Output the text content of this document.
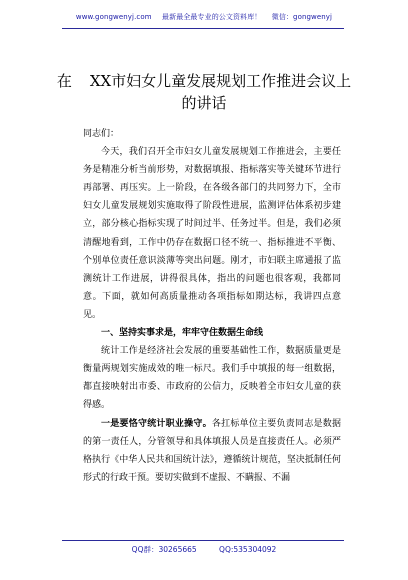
www.gongwenyj.com 最新最全最专业的公文资料库！ 微信：gongwenyj
在 XX市妇女儿童发展规划工作推进会议上
的讲话

同志们：

今天，我们召开全市妇女儿童发展规划工作推进会，主要任务是精准分析当前形势，对数据填报、指标落实等关键环节进行再部署、再压实。上一阶段，在各级各部门的共同努力下，全市妇女儿童发展规划实施取得了阶段性进展，监测评估体系初步建立，部分核心指标实现了时间过半、任务过半。但是，我们必须清醒地看到，工作中仍存在数据口径不统一、指标推进不平衡、个别单位责任意识淡薄等突出问题。刚才，市妇联主席通报了监测统计工作进展，讲得很具体，指出的问题也很客观，我都同意。下面，就如何高质量推动各项指标如期达标，我讲四点意见。

一、坚持实事求是，牢牢守住数据生命线

统计工作是经济社会发展的重要基础性工作，数据质量更是衡量两规划实施成效的唯一标尺。我们手中填报的每一组数据，都直接映射出市委、市政府的公信力，反映着全市妇女儿童的获得感。

一是要恪守统计职业操守。各扛标单位主要负责同志是数据的第一责任人，分管领导和具体填报人员是直接责任人。必须严格执行《中华人民共和国统计法》，遵循统计规范，坚决抵制任何形式的行政干预。要切实做到不虚报、不瞒报、不漏

QQ群：30265665	QQ:535304092
